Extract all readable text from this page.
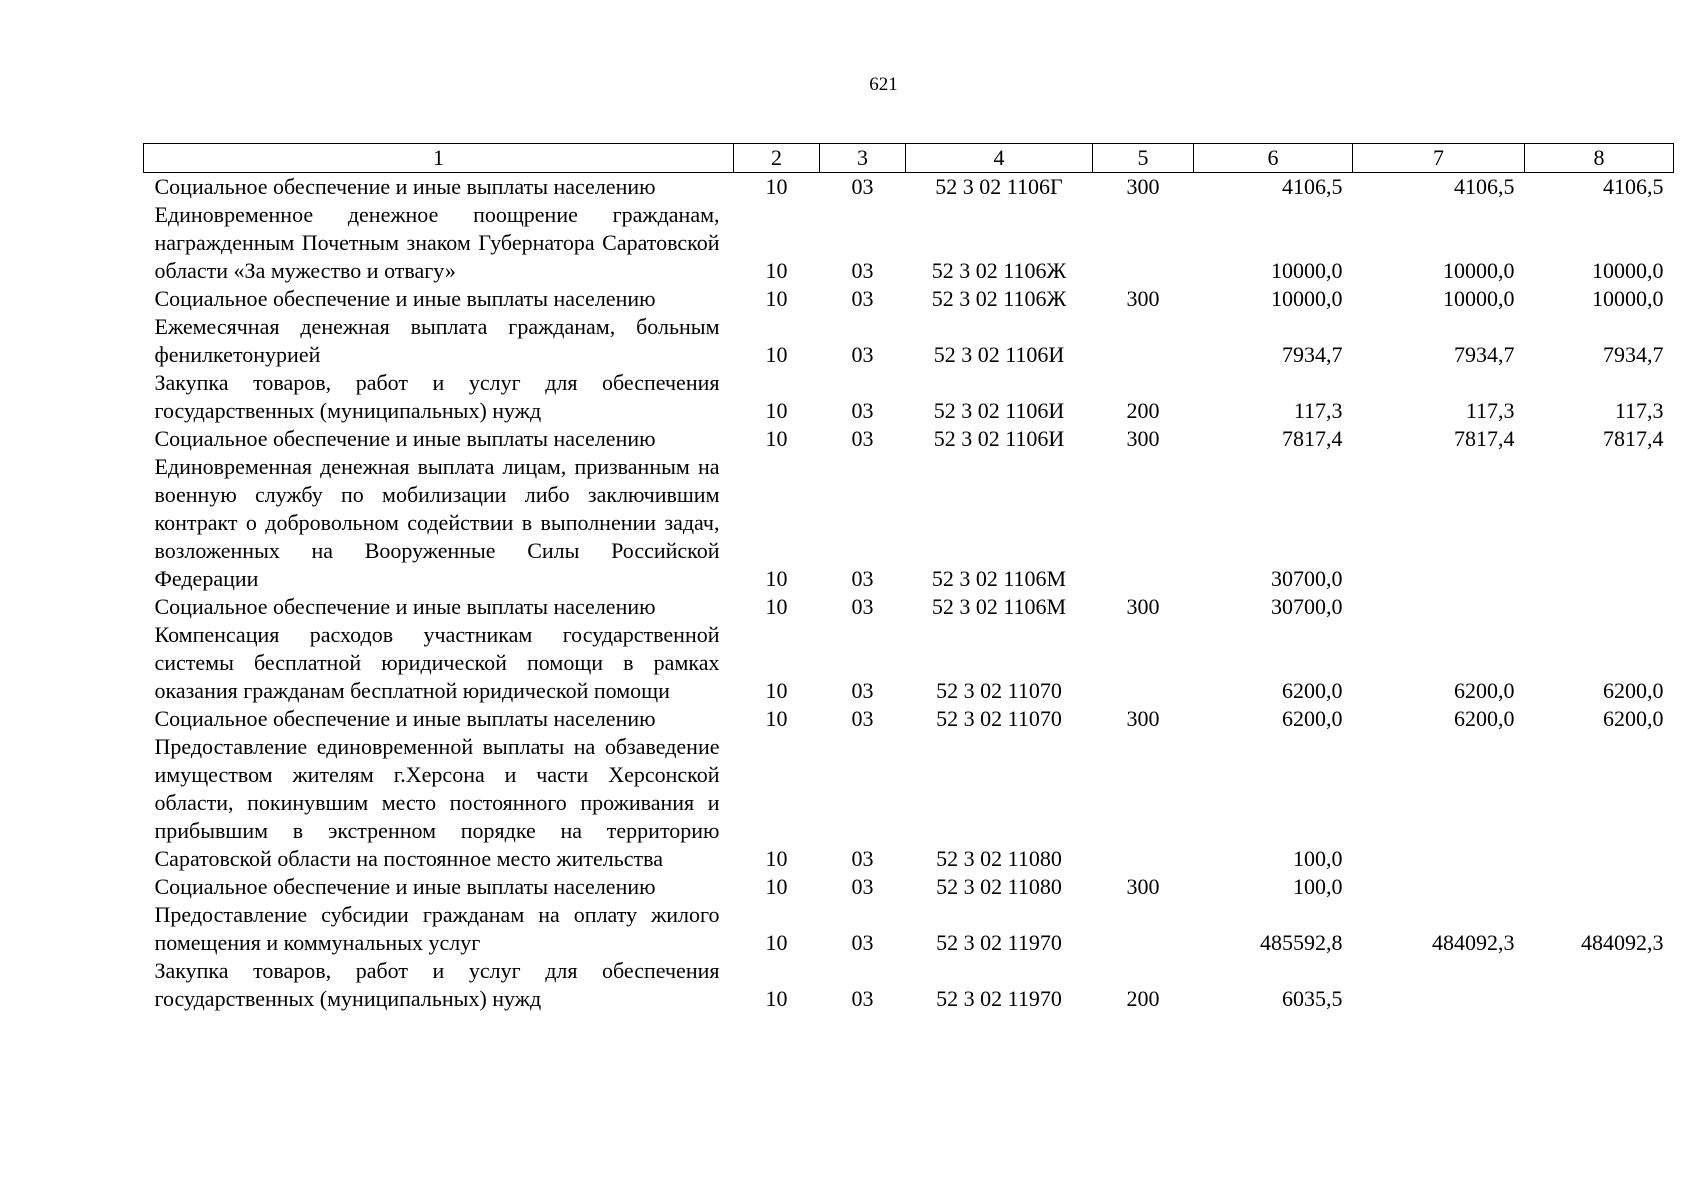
621
1	2	3	4	5	6	7	8
Социальное обеспечение и иные выплаты населению	10	03	52 3 02 1106Г	300	4106,5	4106,5	4106,5
Единовременное денежное поощрение гражданам, награжденным Почетным знаком Губернатора Саратовской области «За мужество и отвагу»	10	03	52 3 02 1106Ж		10000,0	10000,0	10000,0
Социальное обеспечение и иные выплаты населению	10	03	52 3 02 1106Ж	300	10000,0	10000,0	10000,0
Ежемесячная денежная выплата гражданам, больным фенилкетонурией	10	03	52 3 02 1106И		7934,7	7934,7	7934,7
Закупка товаров, работ и услуг для обеспечения государственных (муниципальных) нужд	10	03	52 3 02 1106И	200	117,3	117,3	117,3
Социальное обеспечение и иные выплаты населению	10	03	52 3 02 1106И	300	7817,4	7817,4	7817,4
Единовременная денежная выплата лицам, призванным на военную службу по мобилизации либо заключившим контракт о добровольном содействии в выполнении задач, возложенных на Вооруженные Силы Российской Федерации	10	03	52 3 02 1106М		30700,0		
Социальное обеспечение и иные выплаты населению	10	03	52 3 02 1106М	300	30700,0		
Компенсация расходов участникам государственной системы бесплатной юридической помощи в рамках оказания гражданам бесплатной юридической помощи	10	03	52 3 02 11070		6200,0	6200,0	6200,0
Социальное обеспечение и иные выплаты населению	10	03	52 3 02 11070	300	6200,0	6200,0	6200,0
Предоставление единовременной выплаты на обзаведение имуществом жителям г.Херсона и части Херсонской области, покинувшим место постоянного проживания и прибывшим в экстренном порядке на территорию Саратовской области на постоянное место жительства	10	03	52 3 02 11080		100,0		
Социальное обеспечение и иные выплаты населению	10	03	52 3 02 11080	300	100,0		
Предоставление субсидии гражданам на оплату жилого помещения и коммунальных услуг	10	03	52 3 02 11970		485592,8	484092,3	484092,3
Закупка товаров, работ и услуг для обеспечения государственных (муниципальных) нужд	10	03	52 3 02 11970	200	6035,5		
